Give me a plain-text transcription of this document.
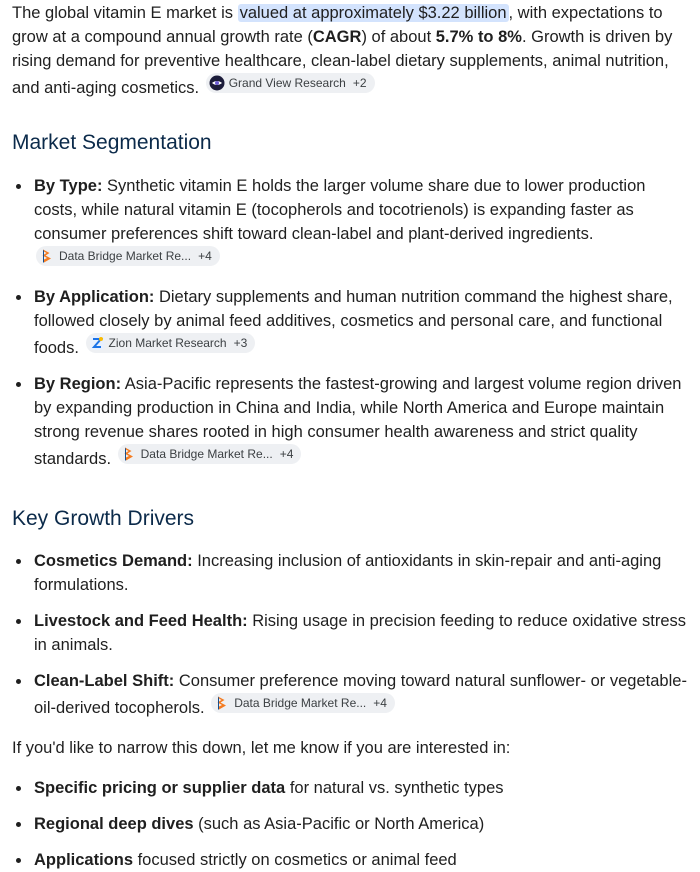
The global vitamin E market is valued at approximately $3.22 billion , with expectations to grow at a compound annual growth rate (CAGR) of about 5.7% to 8%. Growth is driven by rising demand for preventive healthcare, clean-label dietary supplements, animal nutrition, and anti-aging cosmetics. Grand View Research +2

Market Segmentation
By Type: Synthetic vitamin E holds the larger volume share due to lower production costs, while natural vitamin E (tocopherols and tocotrienols) is expanding faster as consumer preferences shift toward clean-label and plant-derived ingredients.
Data Bridge Market Re... +4
By Application: Dietary supplements and human nutrition command the highest share, followed closely by animal feed additives, cosmetics and personal care, and functional foods. Zion Market Research +3
By Region: Asia-Pacific represents the fastest-growing and largest volume region driven by expanding production in China and India, while North America and Europe maintain strong revenue shares rooted in high consumer health awareness and strict quality standards. Data Bridge Market Re... +4
Key Growth Drivers
Cosmetics Demand: Increasing inclusion of antioxidants in skin-repair and anti-aging formulations.
Livestock and Feed Health: Rising usage in precision feeding to reduce oxidative stress in animals.
Clean-Label Shift: Consumer preference moving toward natural sunflower- or vegetable-oil-derived tocopherols. Data Bridge Market Re... +4

If you'd like to narrow this down, let me know if you are interested in:

Specific pricing or supplier data for natural vs. synthetic types
Regional deep dives (such as Asia-Pacific or North America)
Applications focused strictly on cosmetics or animal feed
